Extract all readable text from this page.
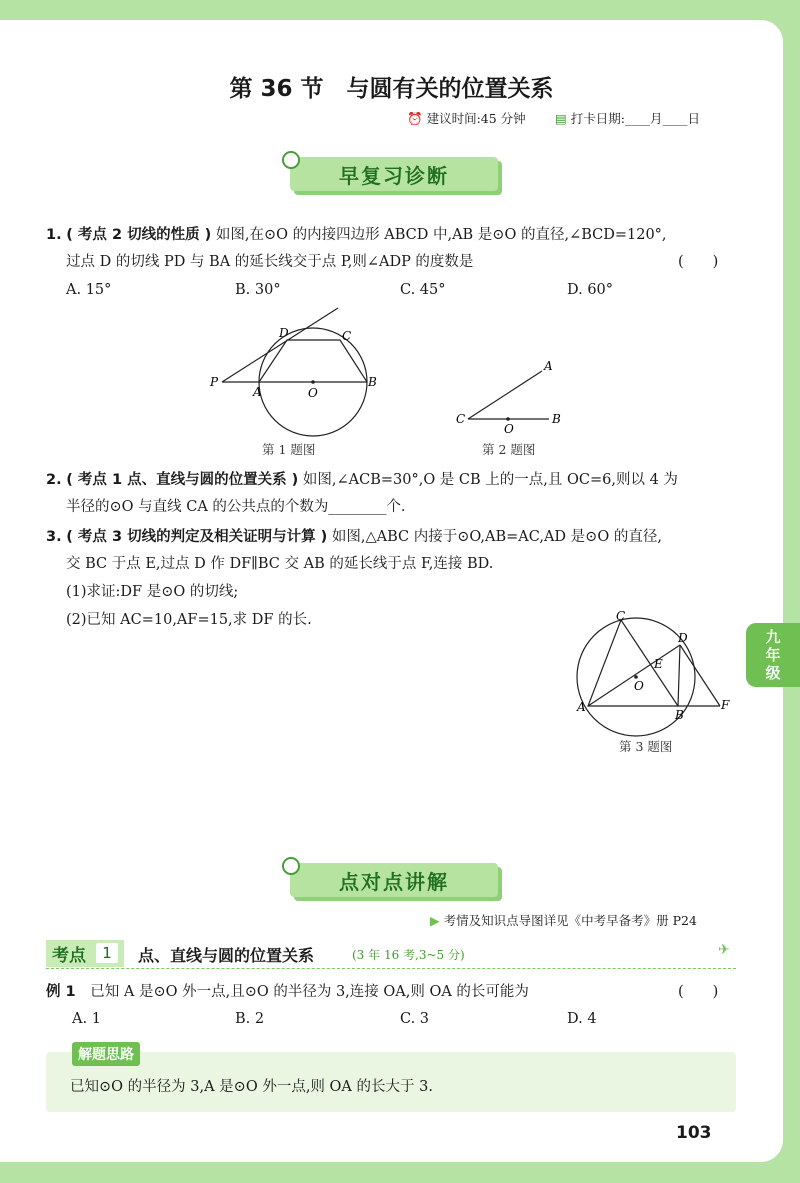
第 36 节　与圆有关的位置关系
⏰ 建议时间:45 分钟 ▤ 打卡日期:____月____日
早复习诊断
1. ( 考点 2 切线的性质 ) 如图,在⊙O 的内接四边形 ABCD 中,AB 是⊙O 的直径,∠BCD=120°,
过点 D 的切线 PD 与 BA 的延长线交于点 P,则∠ADP 的度数是	(　　)
A. 15°	B. 30°	C. 45°	D. 60°
P
A	O
B
C
D
第 1 题图
A
C
O
B
第 2 题图
2. ( 考点 1 点、直线与圆的位置关系 ) 如图,∠ACB=30°,O 是 CB 上的一点,且 OC=6,则以 4 为
半径的⊙O 与直线 CA 的公共点的个数为________个.
3. ( 考点 3 切线的判定及相关证明与计算 ) 如图,△ABC 内接于⊙O,AB=AC,AD 是⊙O 的直径,
交 BC 于点 E,过点 D 作 DF∥BC 交 AB 的延长线于点 F,连接 BD.
(1)求证:DF 是⊙O 的切线;
(2)已知 AC=10,AF=15,求 DF 的长.	C
D
E
O
A
B
F
第 3 题图
九
年
级
点对点讲解
▶ 考情及知识点导图详见《中考早备考》册 P24
考点	1	点、直线与圆的位置关系	(3 年 16 考,3~5 分)	✈
例 1 已知 A 是⊙O 外一点,且⊙O 的半径为 3,连接 OA,则 OA 的长可能为	(　　)
A. 1	B. 2	C. 3	D. 4
解题思路
已知⊙O 的半径为 3,A 是⊙O 外一点,则 OA 的长大于 3.
103
